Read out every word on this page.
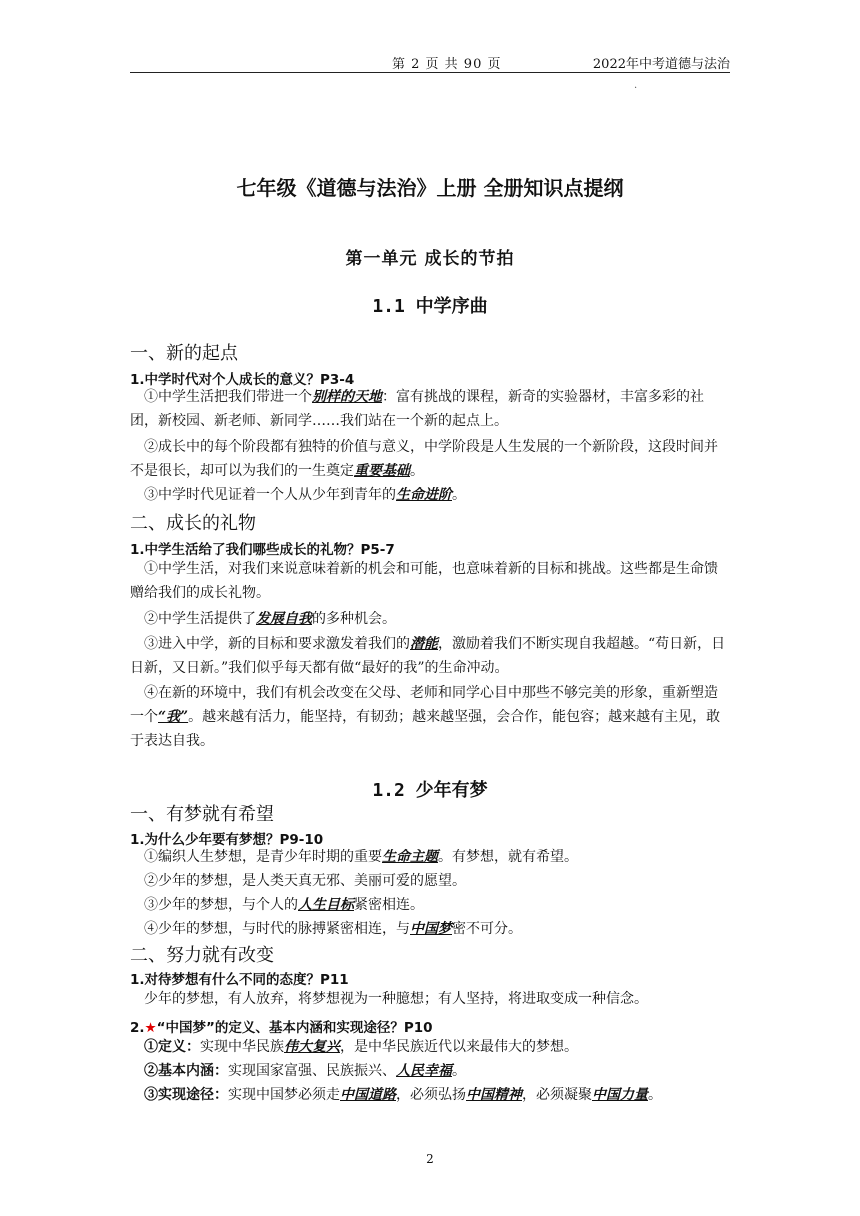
第 2 页 共 90 页	2022年中考道德与法治
.
七年级《道德与法治》上册 全册知识点提纲
第一单元 成长的节拍
1.1 中学序曲
一、新的起点
1.中学时代对个人成长的意义？P3-4
①中学生活把我们带进一个别样的天地：富有挑战的课程，新奇的实验器材，丰富多彩的社团，新校园、新老师、新同学……我们站在一个新的起点上。
②成长中的每个阶段都有独特的价值与意义，中学阶段是人生发展的一个新阶段，这段时间并不是很长，却可以为我们的一生奠定重要基础。
③中学时代见证着一个人从少年到青年的生命进阶。
二、成长的礼物
1.中学生活给了我们哪些成长的礼物？P5-7
①中学生活，对我们来说意味着新的机会和可能，也意味着新的目标和挑战。这些都是生命馈赠给我们的成长礼物。
②中学生活提供了发展自我的多种机会。
③进入中学，新的目标和要求激发着我们的潜能，激励着我们不断实现自我超越。“苟日新，日日新，又日新。”我们似乎每天都有做“最好的我”的生命冲动。
④在新的环境中，我们有机会改变在父母、老师和同学心目中那些不够完美的形象，重新塑造一个“我”。越来越有活力，能坚持，有韧劲；越来越坚强，会合作，能包容；越来越有主见，敢于表达自我。
1.2 少年有梦
一、有梦就有希望
1.为什么少年要有梦想？P9-10
①编织人生梦想，是青少年时期的重要生命主题。有梦想，就有希望。
②少年的梦想，是人类天真无邪、美丽可爱的愿望。
③少年的梦想，与个人的人生目标紧密相连。
④少年的梦想，与时代的脉搏紧密相连，与中国梦密不可分。
二、努力就有改变
1.对待梦想有什么不同的态度？P11
少年的梦想，有人放弃，将梦想视为一种臆想；有人坚持，将进取变成一种信念。
2.★“中国梦”的定义、基本内涵和实现途径？P10
①定义：实现中华民族伟大复兴，是中华民族近代以来最伟大的梦想。
②基本内涵：实现国家富强、民族振兴、人民幸福。
③实现途径：实现中国梦必须走中国道路，必须弘扬中国精神，必须凝聚中国力量。
2
